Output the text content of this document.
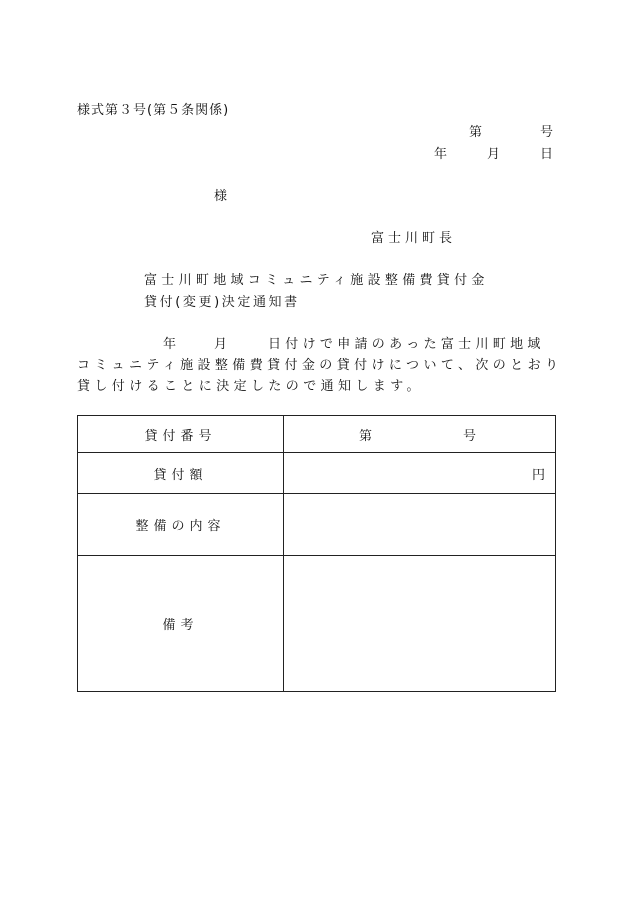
様式第３号(第５条関係)
第	号
年	月	日
様
富士川町長
富士川町地域コミュニティ施設整備費貸付金
貸付(変更)決定通知書
年	月	日付けで申請のあった富士川町地域
コミュニティ施設整備費貸付金の貸付けについて、次のとおり
貸し付けることに決定したので通知します。
貸付番号	第 号

貸付額	円

整備の内容	
備考	
